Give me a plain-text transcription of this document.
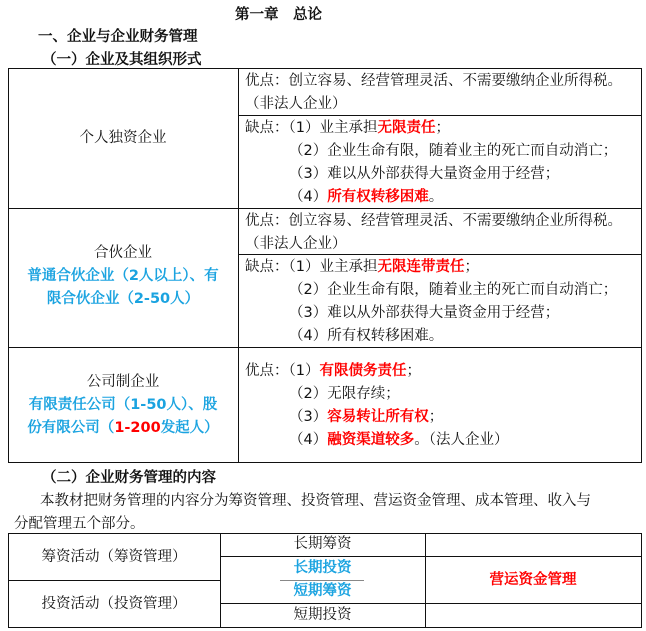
第一章　总论
一、企业与企业财务管理
（一）企业及其组织形式
个人独资企业
优点：创立容易、经营管理灵活、不需要缴纳企业所得税。
（非法人企业）
缺点：（1）业主承担无限责任；
（2）企业生命有限，随着业主的死亡而自动消亡；
（3）难以从外部获得大量资金用于经营；
（4）所有权转移困难。
合伙企业
普通合伙企业（2人以上）、有
限合伙企业（2-50人）
优点：创立容易、经营管理灵活、不需要缴纳企业所得税。
（非法人企业）
缺点：（1）业主承担无限连带责任；
（2）企业生命有限，随着业主的死亡而自动消亡；
（3）难以从外部获得大量资金用于经营；
（4）所有权转移困难。
公司制企业
有限责任公司（1-50人）、股
份有限公司（1-200发起人）
优点：（1）有限债务责任；
（2）无限存续；
（3）容易转让所有权；
（4）融资渠道较多。（法人企业）
（二）企业财务管理的内容
本教材把财务管理的内容分为筹资管理、投资管理、营运资金管理、成本管理、收入与
分配管理五个部分。
筹资活动（筹资管理）
投资活动（投资管理）
长期筹资
长期投资
短期筹资
短期投资
营运资金管理
